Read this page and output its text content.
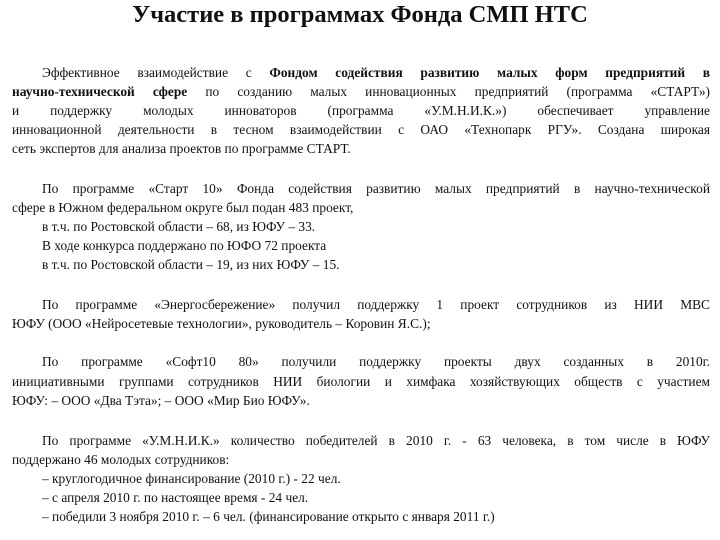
Участие в программах Фонда СМП НТС
Эффективное взаимодействие с Фондом содействия развитию малых форм предприятий в
научно-технической сфере по созданию малых инновационных предприятий (программа «СТАРТ»)
и поддержку молодых инноваторов (программа «У.М.Н.И.К.») обеспечивает управление
инновационной деятельности в тесном взаимодействии с ОАО «Технопарк РГУ». Создана широкая
сеть экспертов для анализа проектов по программе СТАРТ.
По программе «Старт 10» Фонда содействия развитию малых предприятий в научно-технической
сфере в Южном федеральном округе был подан 483 проект,
в т.ч. по Ростовской области – 68, из ЮФУ – 33.
В ходе конкурса поддержано по ЮФО 72 проекта
в т.ч. по Ростовской области – 19, из них ЮФУ – 15.
По программе «Энергосбережение» получил поддержку 1 проект сотрудников из НИИ МВС
ЮФУ (ООО «Нейросетевые технологии», руководитель – Коровин Я.С.);
По программе «Софт10 80» получили поддержку проекты двух созданных в 2010г.
инициативными группами сотрудников НИИ биологии и химфака хозяйствующих обществ с участием
ЮФУ: – ООО «Два Тэта»; – ООО «Мир Био ЮФУ».
По программе «У.М.Н.И.К.» количество победителей в 2010 г. - 63 человека, в том числе в ЮФУ
поддержано 46 молодых сотрудников:
– круглогодичное финансирование (2010 г.) - 22 чел.
– с апреля 2010 г. по настоящее время - 24 чел.
– победили 3 ноября 2010 г. – 6 чел. (финансирование открыто с января 2011 г.)
